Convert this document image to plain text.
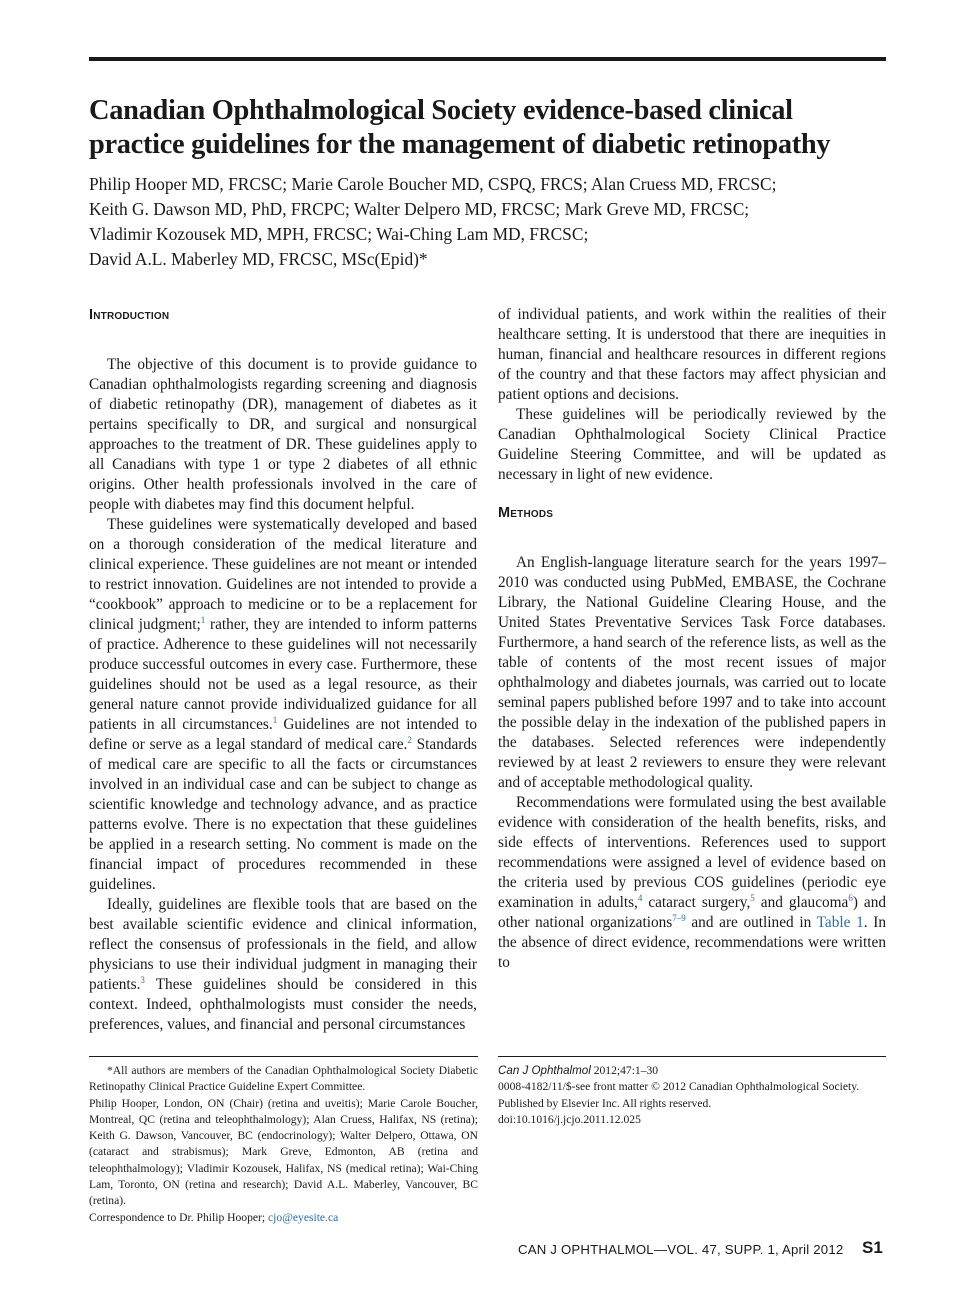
Canadian Ophthalmological Society evidence-based clinical
practice guidelines for the management of diabetic retinopathy
Philip Hooper MD, FRCSC; Marie Carole Boucher MD, CSPQ, FRCS; Alan Cruess MD, FRCSC;
Keith G. Dawson MD, PhD, FRCPC; Walter Delpero MD, FRCSC; Mark Greve MD, FRCSC;
Vladimir Kozousek MD, MPH, FRCSC; Wai-Ching Lam MD, FRCSC;
David A.L. Maberley MD, FRCSC, MSc(Epid)*
Introduction

The objective of this document is to provide guidance to Canadian ophthalmologists regarding screening and diagnosis of diabetic retinopathy (DR), management of diabetes as it pertains specifically to DR, and surgical and nonsurgical approaches to the treatment of DR. These guidelines apply to all Canadians with type 1 or type 2 diabetes of all ethnic origins. Other health professionals involved in the care of people with diabetes may find this document helpful.

These guidelines were systematically developed and based on a thorough consideration of the medical literature and clinical experience. These guidelines are not meant or intended to restrict innovation. Guidelines are not intended to provide a “cookbook” approach to medicine or to be a replacement for clinical judgment;$^1$ rather, they are intended to inform patterns of practice. Adherence to these guidelines will not necessarily produce successful outcomes in every case. Furthermore, these guidelines should not be used as a legal resource, as their general nature cannot provide individualized guidance for all patients in all circumstances.$^1$ Guidelines are not intended to define or serve as a legal standard of medical care.$^2$ Standards of medical care are specific to all the facts or circumstances involved in an individual case and can be subject to change as scientific knowledge and technology advance, and as practice patterns evolve. There is no expectation that these guidelines be applied in a research setting. No comment is made on the financial impact of procedures recommended in these guidelines.

Ideally, guidelines are flexible tools that are based on the best available scientific evidence and clinical information, reflect the consensus of professionals in the field, and allow physicians to use their individual judgment in managing their patients.$^3$ These guidelines should be considered in this context. Indeed, ophthalmologists must consider the needs, preferences, values, and financial and personal circumstances

of individual patients, and work within the realities of their healthcare setting. It is understood that there are inequities in human, financial and healthcare resources in different regions of the country and that these factors may affect physician and patient options and decisions.

These guidelines will be periodically reviewed by the Canadian Ophthalmological Society Clinical Practice Guideline Steering Committee, and will be updated as necessary in light of new evidence.

Methods

An English-language literature search for the years 1997–2010 was conducted using PubMed, EMBASE, the Cochrane Library, the National Guideline Clearing House, and the United States Preventative Services Task Force databases. Furthermore, a hand search of the reference lists, as well as the table of contents of the most recent issues of major ophthalmology and diabetes journals, was carried out to locate seminal papers published before 1997 and to take into account the possible delay in the indexation of the published papers in the databases. Selected references were independently reviewed by at least 2 reviewers to ensure they were relevant and of acceptable methodological quality.

Recommendations were formulated using the best available evidence with consideration of the health benefits, risks, and side effects of interventions. References used to support recommendations were assigned a level of evidence based on the criteria used by previous COS guidelines (periodic eye examination in adults,$^4$ cataract surgery,$^5$ and glaucoma$^6$) and other national organizations$^{7-9}$ and are outlined in Table 1. In the absence of direct evidence, recommendations were written to

*All authors are members of the Canadian Ophthalmological Society Diabetic Retinopathy Clinical Practice Guideline Expert Committee.

Philip Hooper, London, ON (Chair) (retina and uveitis); Marie Carole Boucher, Montreal, QC (retina and teleophthalmology); Alan Cruess, Halifax, NS (retina); Keith G. Dawson, Vancouver, BC (endocrinology); Walter Delpero, Ottawa, ON (cataract and strabismus); Mark Greve, Edmonton, AB (retina and teleophthalmology); Vladimir Kozousek, Halifax, NS (medical retina); Wai-Ching Lam, Toronto, ON (retina and research); David A.L. Maberley, Vancouver, BC (retina).

Correspondence to Dr. Philip Hooper; cjo@eyesite.ca

Can J Ophthalmol 2012;47:1–30
0008-4182/11/$-see front matter © 2012 Canadian Ophthalmological Society.
Published by Elsevier Inc. All rights reserved.
doi:10.1016/j.jcjo.2011.12.025
CAN J OPHTHALMOL—VOL. 47, SUPP. 1, April 2012 S1
